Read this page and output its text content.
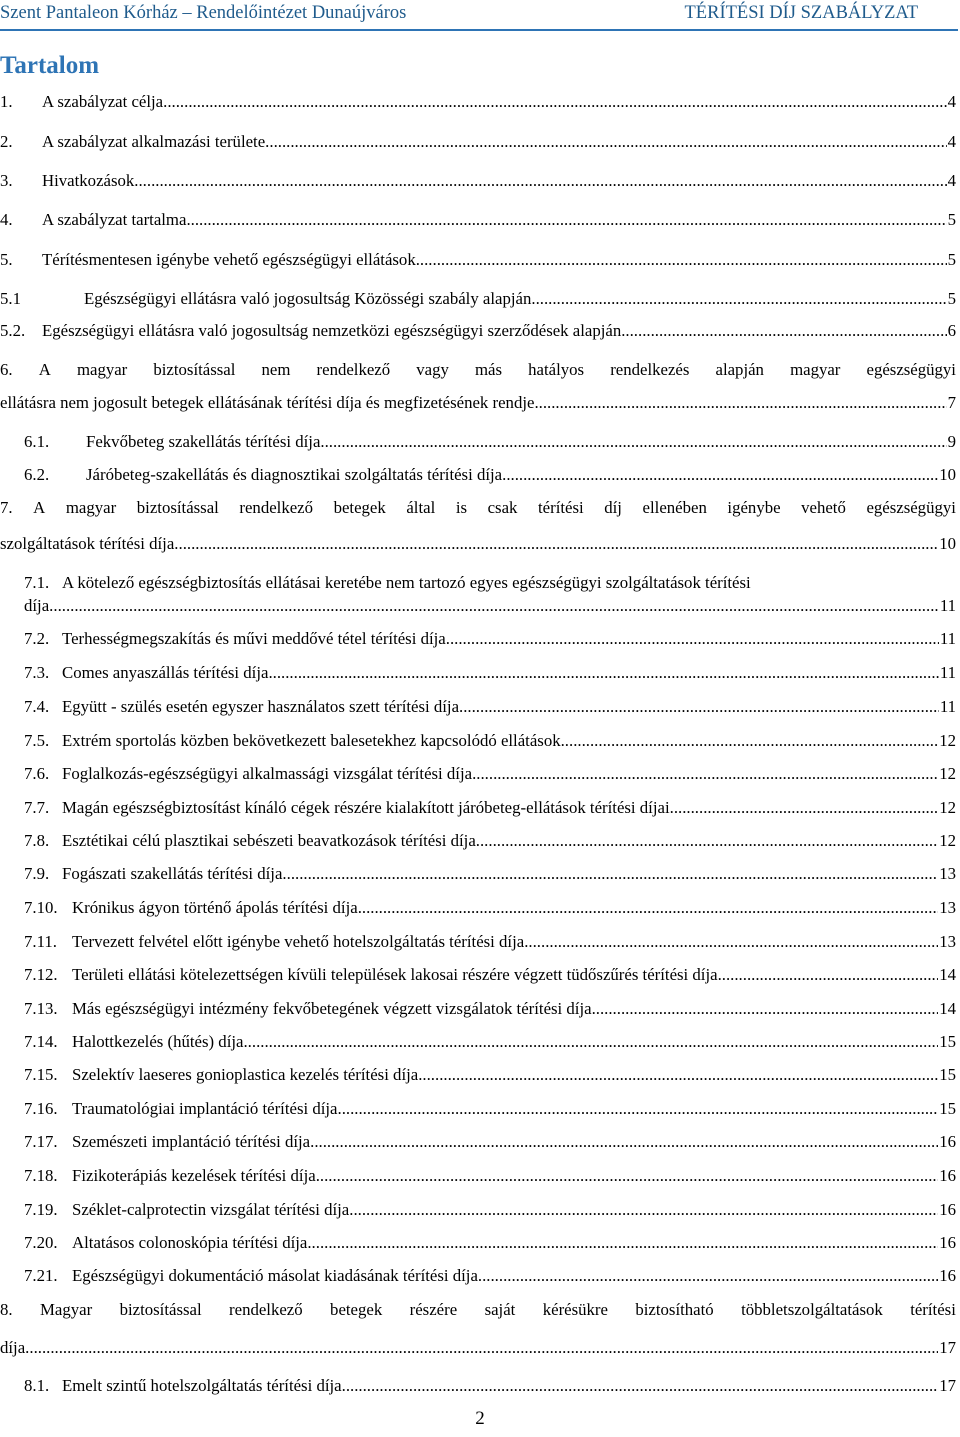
Szent Pantaleon Kórház – Rendelőintézet Dunaújváros	TÉRÍTÉSI DÍJ SZABÁLYZAT
Tartalom
1. A szabályzat célja .....	4
2. A szabályzat alkalmazási területe .....	4
3. Hivatkozások .....	4
4. A szabályzat tartalma .....	5
5. Térítésmentesen igénybe vehető egészségügyi ellátások .....	5
5.1	Egészségügyi ellátásra való jogosultság Közösségi szabály alapján .....	5
5.2. Egészségügyi ellátásra való jogosultság nemzetközi egészségügyi szerződések alapján .....	6
6. A magyar biztosítással nem rendelkező vagy más hatályos rendelkezés alapján magyar egészségügyi
ellátásra nem jogosult betegek ellátásának térítési díja és megfizetésének rendje .....	7
6.1. Fekvőbeteg szakellátás térítési díja .....	9
6.2. Járóbeteg-szakellátás és diagnosztikai szolgáltatás térítési díja .....	10
7. A magyar biztosítással rendelkező betegek által is csak térítési díj ellenében igénybe vehető egészségügyi
szolgáltatások térítési díja .....	10
7.1. A kötelező egészségbiztosítás ellátásai keretébe nem tartozó egyes egészségügyi szolgáltatások térítési
díja .....	11
7.2. Terhességmegszakítás és művi meddővé tétel térítési díja .....	11
7.3. Comes anyaszállás térítési díja .....	11
7.4. Együtt - szülés esetén egyszer használatos szett térítési díja .....	11
7.5. Extrém sportolás közben bekövetkezett balesetekhez kapcsolódó ellátások .....	12
7.6. Foglalkozás-egészségügyi alkalmassági vizsgálat térítési díja .....	12
7.7. Magán egészségbiztosítást kínáló cégek részére kialakított járóbeteg-ellátások térítési díjai .....	12
7.8. Esztétikai célú plasztikai sebészeti beavatkozások térítési díja .....	12
7.9. Fogászati szakellátás térítési díja .....	13
7.10. Krónikus ágyon történő ápolás térítési díja .....	13
7.11. Tervezett felvétel előtt igénybe vehető hotelszolgáltatás térítési díja. .....	13
7.12. Területi ellátási kötelezettségen kívüli települések lakosai részére végzett tüdőszűrés térítési díja .....	14
7.13. Más egészségügyi intézmény fekvőbetegének végzett vizsgálatok térítési díja .....	14
7.14. Halottkezelés (hűtés) díja .....	15
7.15. Szelektív laeseres gonioplastica kezelés térítési díja .....	15
7.16. Traumatológiai implantáció térítési díja .....	15
7.17. Szemészeti implantáció térítési díja .....	16
7.18. Fizikoterápiás kezelések térítési díja .....	16
7.19. Széklet-calprotectin vizsgálat térítési díja .....	16
7.20. Altatásos colonoskópia térítési díja .....	16
7.21. Egészségügyi dokumentáció másolat kiadásának térítési díja .....	16
8. Magyar biztosítással rendelkező betegek részére saját kérésükre biztosítható többletszolgáltatások térítési
díja .....	17
8.1. Emelt szintű hotelszolgáltatás térítési díja .....	17
2
